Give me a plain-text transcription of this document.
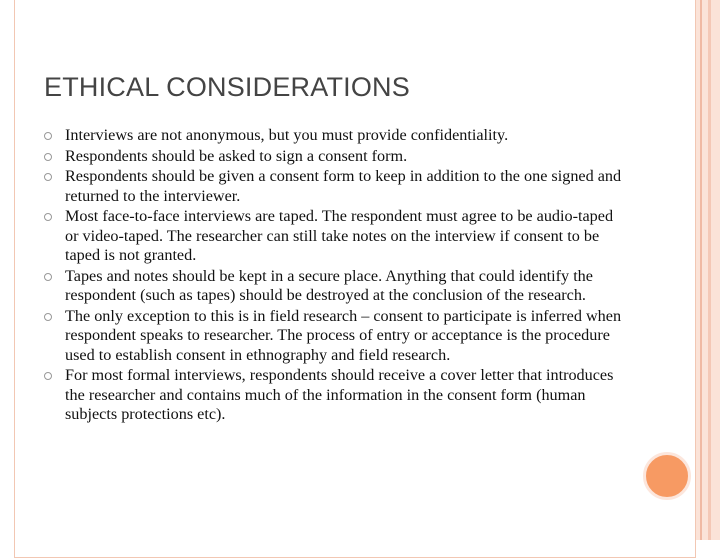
ETHICAL CONSIDERATIONS
Interviews are not anonymous, but you must provide confidentiality.
Respondents should be asked to sign a consent form.
Respondents should be given a consent form to keep in addition to the one signed and returned to the interviewer.
Most face-to-face interviews are taped. The respondent must agree to be audio-taped or video-taped. The researcher can still take notes on the interview if consent to be taped is not granted.
Tapes and notes should be kept in a secure place. Anything that could identify the respondent (such as tapes) should be destroyed at the conclusion of the research.
The only exception to this is in field research – consent to participate is inferred when respondent speaks to researcher. The process of entry or acceptance is the procedure used to establish consent in ethnography and field research.
For most formal interviews, respondents should receive a cover letter that introduces the researcher and contains much of the information in the consent form (human subjects protections etc).
